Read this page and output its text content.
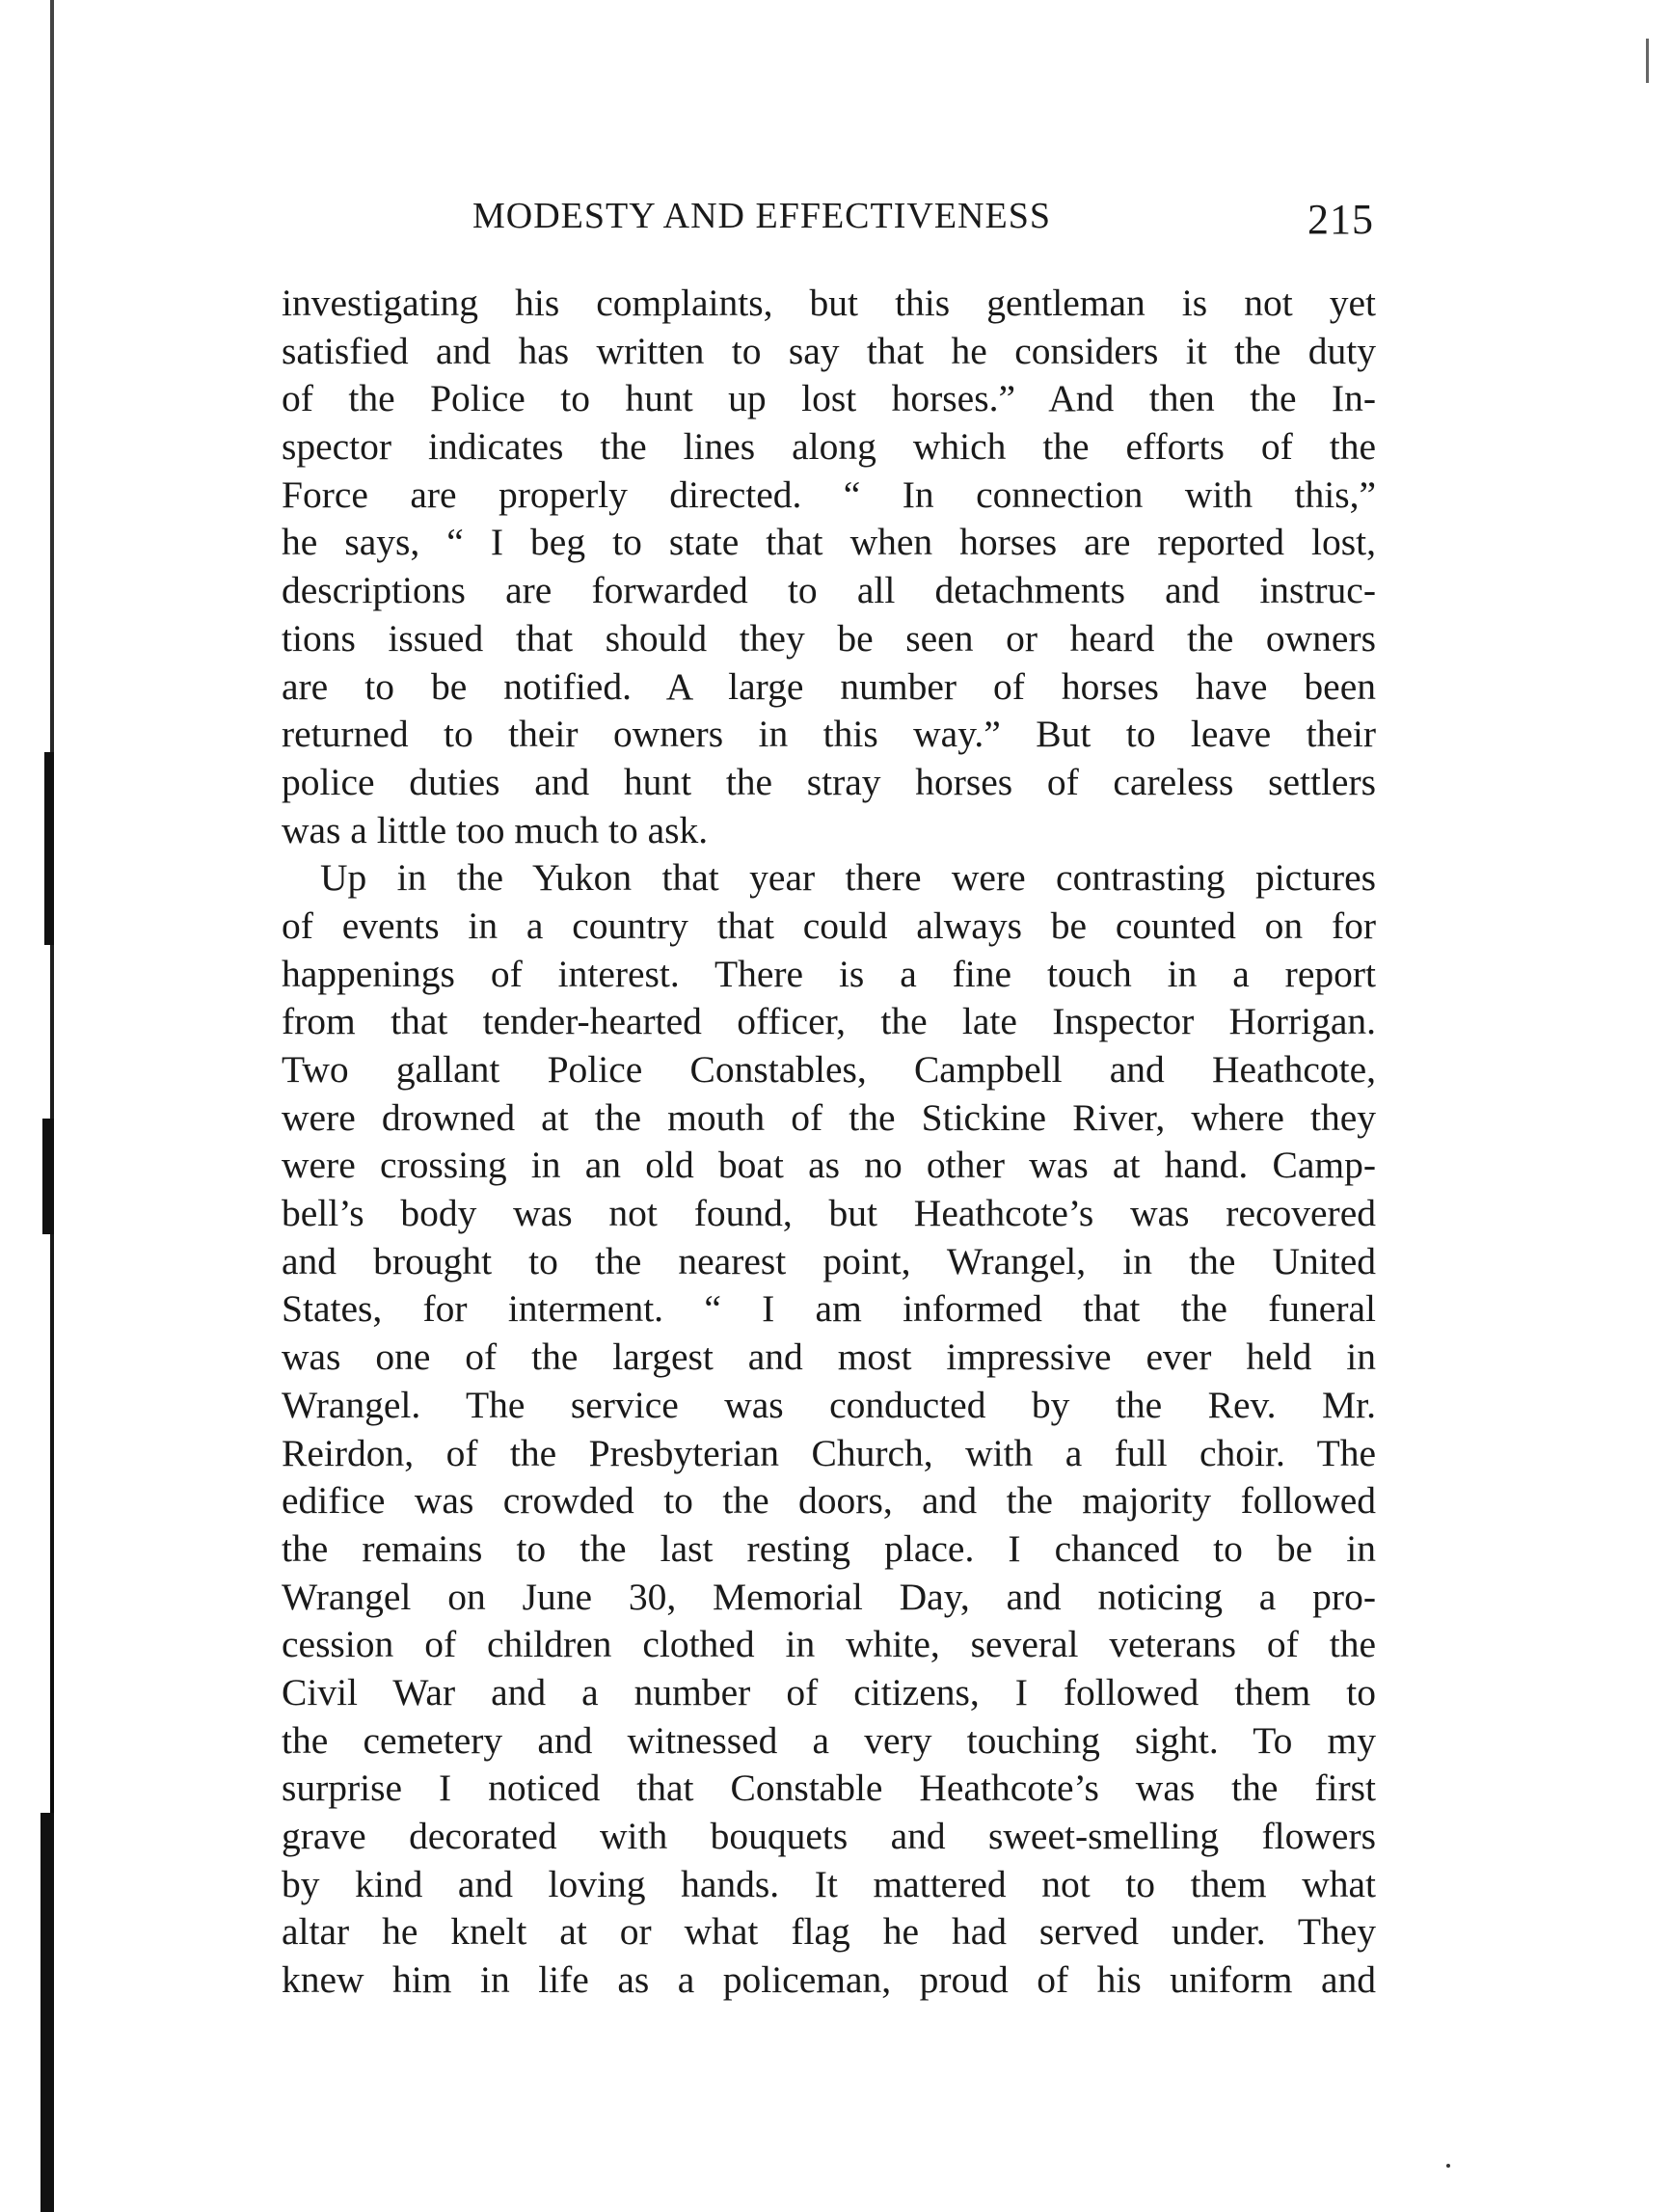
MODESTY AND EFFECTIVENESS	215
investigating his complaints, but this gentleman is not yet
satisfied and has written to say that he considers it the duty
of the Police to hunt up lost horses.” And then the In-
spector indicates the lines along which the efforts of the
Force are properly directed. “ In connection with this,”
he says, “ I beg to state that when horses are reported lost,
descriptions are forwarded to all detachments and instruc-
tions issued that should they be seen or heard the owners
are to be notified. A large number of horses have been
returned to their owners in this way.” But to leave their
police duties and hunt the stray horses of careless settlers
was a little too much to ask.
Up in the Yukon that year there were contrasting pictures
of events in a country that could always be counted on for
happenings of interest. There is a fine touch in a report
from that tender-hearted officer, the late Inspector Horrigan.
Two gallant Police Constables, Campbell and Heathcote,
were drowned at the mouth of the Stickine River, where they
were crossing in an old boat as no other was at hand. Camp-
bell’s body was not found, but Heathcote’s was recovered
and brought to the nearest point, Wrangel, in the United
States, for interment. “ I am informed that the funeral
was one of the largest and most impressive ever held in
Wrangel. The service was conducted by the Rev. Mr.
Reirdon, of the Presbyterian Church, with a full choir. The
edifice was crowded to the doors, and the majority followed
the remains to the last resting place. I chanced to be in
Wrangel on June 30, Memorial Day, and noticing a pro-
cession of children clothed in white, several veterans of the
Civil War and a number of citizens, I followed them to
the cemetery and witnessed a very touching sight. To my
surprise I noticed that Constable Heathcote’s was the first
grave decorated with bouquets and sweet-smelling flowers
by kind and loving hands. It mattered not to them what
altar he knelt at or what flag he had served under. They
knew him in life as a policeman, proud of his uniform and
